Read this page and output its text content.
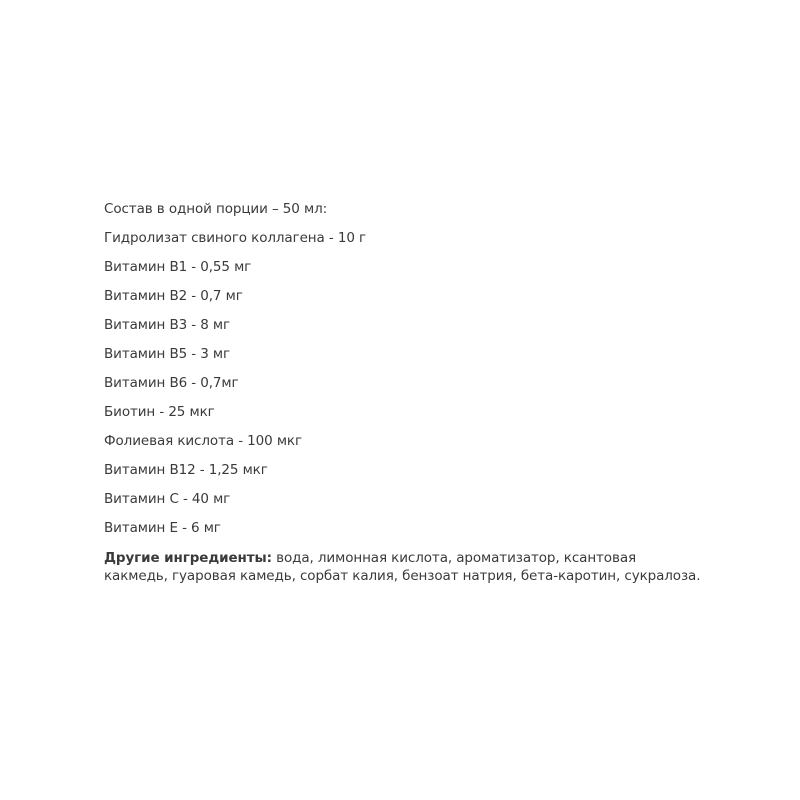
Состав в одной порции – 50 мл:
Гидролизат свиного коллагена - 10 г
Витамин В1 - 0,55 мг
Витамин В2 - 0,7 мг
Витамин В3 - 8 мг
Витамин В5 - 3 мг
Витамин В6 - 0,7мг
Биотин - 25 мкг
Фолиевая кислота - 100 мкг
Витамин В12 - 1,25 мкг
Витамин С - 40 мг
Витамин Е - 6 мг
Другие ингредиенты: вода, лимонная кислота, ароматизатор, ксантовая какмедь, гуаровая камедь, сорбат калия, бензоат натрия, бета-каротин, сукралоза.
